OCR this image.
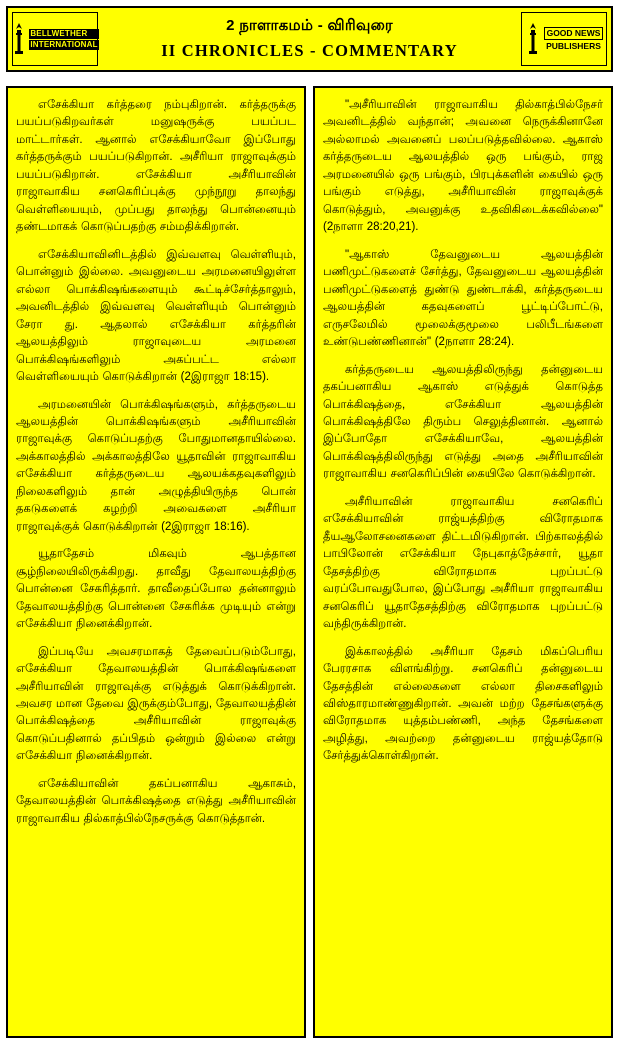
BELLWETHER
INTERNATIONAL
2 நாளாகமம் - விரிவுரை
II CHRONICLES - COMMENTARY
GOOD NEWS
PUBLISHERS

எசேக்கியா கர்த்தரை நம்புகிறான். கர்த்தருக்கு பயப்படுகிறவர்கள் மனுஷருக்கு பயப்பட மாட்டார்கள். ஆனால் எசேக்கியாவோ இப்போது கர்த்தருக்கும் பயப்படுகிறான். அசீரியா ராஜாவுக்கும் பயப்படுகிறான். எசேக்கியா அசீரியாவின் ராஜாவாகிய சனகெரிப்புக்கு முந்நூறு தாலந்து வெள்ளியையும், முப்பது தாலந்து பொன்னையும் தண்டமாகக் கொடுப்பதற்கு சம்மதிக்கிறான்.

எசேக்கியாவினிடத்தில் இவ்வளவு வெள்ளியும், பொன்னும் இல்லை. அவனுடைய அரமனையிலுள்ள எல்லா பொக்கிஷங்களையும் கூட்டிச்சேர்த்தாலும், அவனிடத்தில் இவ்வளவு வெள்ளியும் பொன்னும் சேரா து. ஆதலால் எசேக்கியா கர்த்தரின் ஆலயத்திலும் ராஜாவுடைய அரமனை பொக்கிஷங்களிலும் அகப்பட்ட எல்லா வெள்ளியையும் கொடுக்கிறான் (2இராஜா 18:15).

அரமனையின் பொக்கிஷங்களும், கர்த்தருடைய ஆலயத்தின் பொக்கிஷங்களும் அசீரியாவின் ராஜாவுக்கு கொடுப்பதற்கு போதுமானதாயில்லை. அக்காலத்தில் அக்காலத்திலே யூதாவின் ராஜாவாகிய எசேக்கியா கர்த்தருடைய ஆலயக்கதவுகளிலும் நிலைகளிலும் தான் அழுத்தியிருந்த பொன் தகடுகளைக் கழற்றி அவைகளை அசீரியா ராஜாவுக்குக் கொடுக்கிறான் (2இராஜா 18:16).

யூதாதேசம் மிகவும் ஆபத்தான சூழ்நிலையிலிருக்கிறது. தாவீது தேவாலயத்திற்கு பொன்னை சேகரித்தார். தாவீதைப்போல தன்னாலும் தேவாலயத்திற்கு பொன்னை சேகரிக்க முடியும் என்று எசேக்கியா நினைக்கிறான்.

இப்படியே அவசரமாகத் தேவைப்படும்போது, எசேக்கியா தேவாலயத்தின் பொக்கிஷங்களை அசீரியாவின் ராஜாவுக்கு எடுத்துக் கொடுக்கிறான். அவசர மான தேவை இருக்கும்போது, தேவாலயத்தின் பொக்கிஷத்தை அசீரியாவின் ராஜாவுக்கு கொடுப்பதினால் தப்பிதம் ஒன்றும் இல்லை என்று எசேக்கியா நினைக்கிறான்.

எசேக்கியாவின் தகப்பனாகிய ஆகாசும், தேவாலயத்தின் பொக்கிஷத்தை எடுத்து அசீரியாவின் ராஜாவாகிய தில்காத்பில்நேசருக்கு கொடுத்தான்.

"அசீரியாவின் ராஜாவாகிய தில்காத்பில்நேசர் அவனிடத்தில் வந்தான்; அவனை நெருக்கினானே அல்லாமல் அவனைப் பலப்படுத்தவில்லை. ஆகாஸ் கர்த்தருடைய ஆலயத்தில் ஒரு பங்கும், ராஜ அரமனையில் ஒரு பங்கும், பிரபுக்களின் கையில் ஒரு பங்கும் எடுத்து, அசீரியாவின் ராஜாவுக்குக் கொடுத்தும், அவனுக்கு உதவிகிடைக்கவில்லை" (2நாளா 28:20,21).

"ஆகாஸ் தேவனுடைய ஆலயத்தின் பணிமுட்டுகளைச் சேர்த்து, தேவனுடைய ஆலயத்தின் பணிமுட்டுகளைத் துண்டு துண்டாக்கி, கர்த்தருடைய ஆலயத்தின் கதவுகளைப் பூட்டிப்போட்டு, எருசலேமில் மூலைக்குமூலை பலிபீடங்களை உண்டுபண்ணினான்" (2நாளா 28:24).

கர்த்தருடைய ஆலயத்திலிருந்து தன்னுடைய தகப்பனாகிய ஆகாஸ் எடுத்துக் கொடுத்த பொக்கிஷத்தை, எசேக்கியா ஆலயத்தின் பொக்கிஷத்திலே திரும்ப செலுத்தினான். ஆனால் இப்போதோ எசேக்கியாவே, ஆலயத்தின் பொக்கிஷத்திலிருந்து எடுத்து அதை அசீரியாவின் ராஜாவாகிய சனகெரிப்பின் கையிலே கொடுக்கிறான்.

அசீரியாவின் ராஜாவாகிய சனகெரிப் எசேக்கியாவின் ராஜ்யத்திற்கு விரோதமாக தீயஆலோசனைகளை திட்டமிடுகிறான். பிற்காலத்தில் பாபிலோன் எசேக்கியா நேபுகாத்நேச்சார், யூதா தேசத்திற்கு விரோதமாக புறப்பட்டு வரப்போவதுபோல, இப்போது அசீரியா ராஜாவாகிய சனகெரிப் யூதாதேசத்திற்கு விரோதமாக புறப்பட்டு வந்திருக்கிறான்.

இக்காலத்தில் அசீரியா தேசம் மிகப்பெரிய பேரரசாக விளங்கிற்று. சனகெரிப் தன்னுடைய தேசத்தின் எல்லைகளை எல்லா திசைகளிலும் விஸ்தாரமாண்ணுகிறான். அவன் மற்ற தேசங்களுக்கு விரோதமாக யுத்தம்பண்ணி, அந்த தேசங்களை அழித்து, அவற்றை தன்னுடைய ராஜ்யத்தோடு சேர்த்துக்கொள்கிறான்.
